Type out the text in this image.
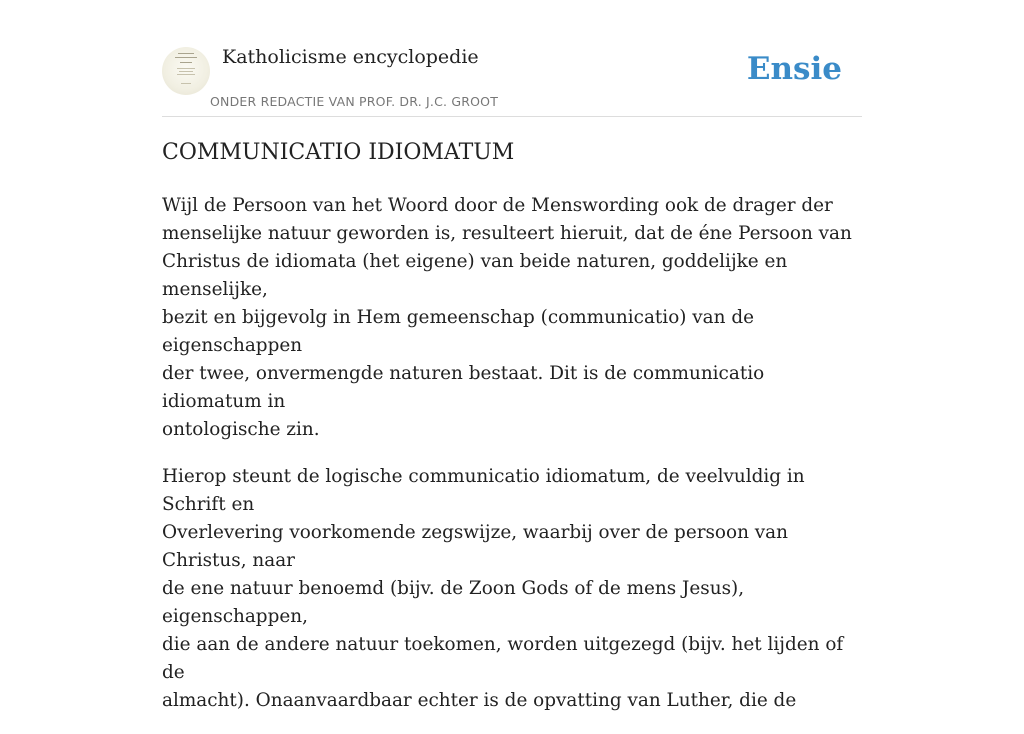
Katholicisme encyclopedie
ONDER REDACTIE VAN PROF. DR. J.C. GROOT
Ensie
COMMUNICATIO IDIOMATUM

Wijl de Persoon van het Woord door de Menswording ook de drager der
menselijke natuur geworden is, resulteert hieruit, dat de éne Persoon van
Christus de idiomata (het eigene) van beide naturen, goddelijke en menselijke,
bezit en bijgevolg in Hem gemeenschap (communicatio) van de eigenschappen
der twee, onvermengde naturen bestaat. Dit is de communicatio idiomatum in
ontologische zin.

Hierop steunt de logische communicatio idiomatum, de veelvuldig in Schrift en
Overlevering voorkomende zegswijze, waarbij over de persoon van Christus, naar
de ene natuur benoemd (bijv. de Zoon Gods of de mens Jesus), eigenschappen,
die aan de andere natuur toekomen, worden uitgezegd (bijv. het lijden of de
almacht). Onaanvaardbaar echter is de opvatting van Luther, die de
